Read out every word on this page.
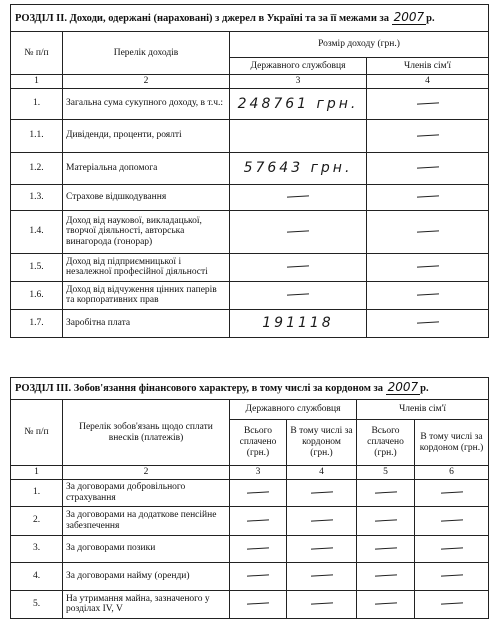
РОЗДІЛ II. Доходи, одержані (нараховані) з джерел в Україні та за її межами за 2007 р.			
№ п/п	Перелік доходів	Розмір доходу (грн.)	
		Державного службовця	Членів сім'ї
1	2	3	4
1.	Загальна сума сукупного доходу, в т.ч.:	248761 грн.	
1.1.	Дивіденди, проценти, роялті		
1.2.	Матеріальна допомога	57643 грн.	
1.3.	Страхове відшкодування		
1.4.	Доход від наукової, викладацької, творчої діяльності, авторська винагорода (гонорар)		
1.5.	Доход від підприємницької і незалежної професійної діяльності		
1.6.	Доход від відчуження цінних паперів та корпоративних прав		
1.7.	Заробітна плата	191118	
РОЗДІЛ III. Зобов'язання фінансового характеру, в тому числі за кордоном за 2007 р.					
№ п/п	Перелік зобов'язань щодо сплати внесків (платежів)	Державного службовця		Членів сім'ї	
		Всього сплачено (грн.)	В тому числі за кордоном (грн.)	Всього сплачено (грн.)	В тому числі за кордоном (грн.)
1	2	3	4	5	6
1.	За договорами добровільного страхування				
2.	За договорами на додаткове пенсійне забезпечення				
3.	За договорами позики				
4.	За договорами найму (оренди)				
5.	На утримання майна, зазначеного у розділах IV, V				
